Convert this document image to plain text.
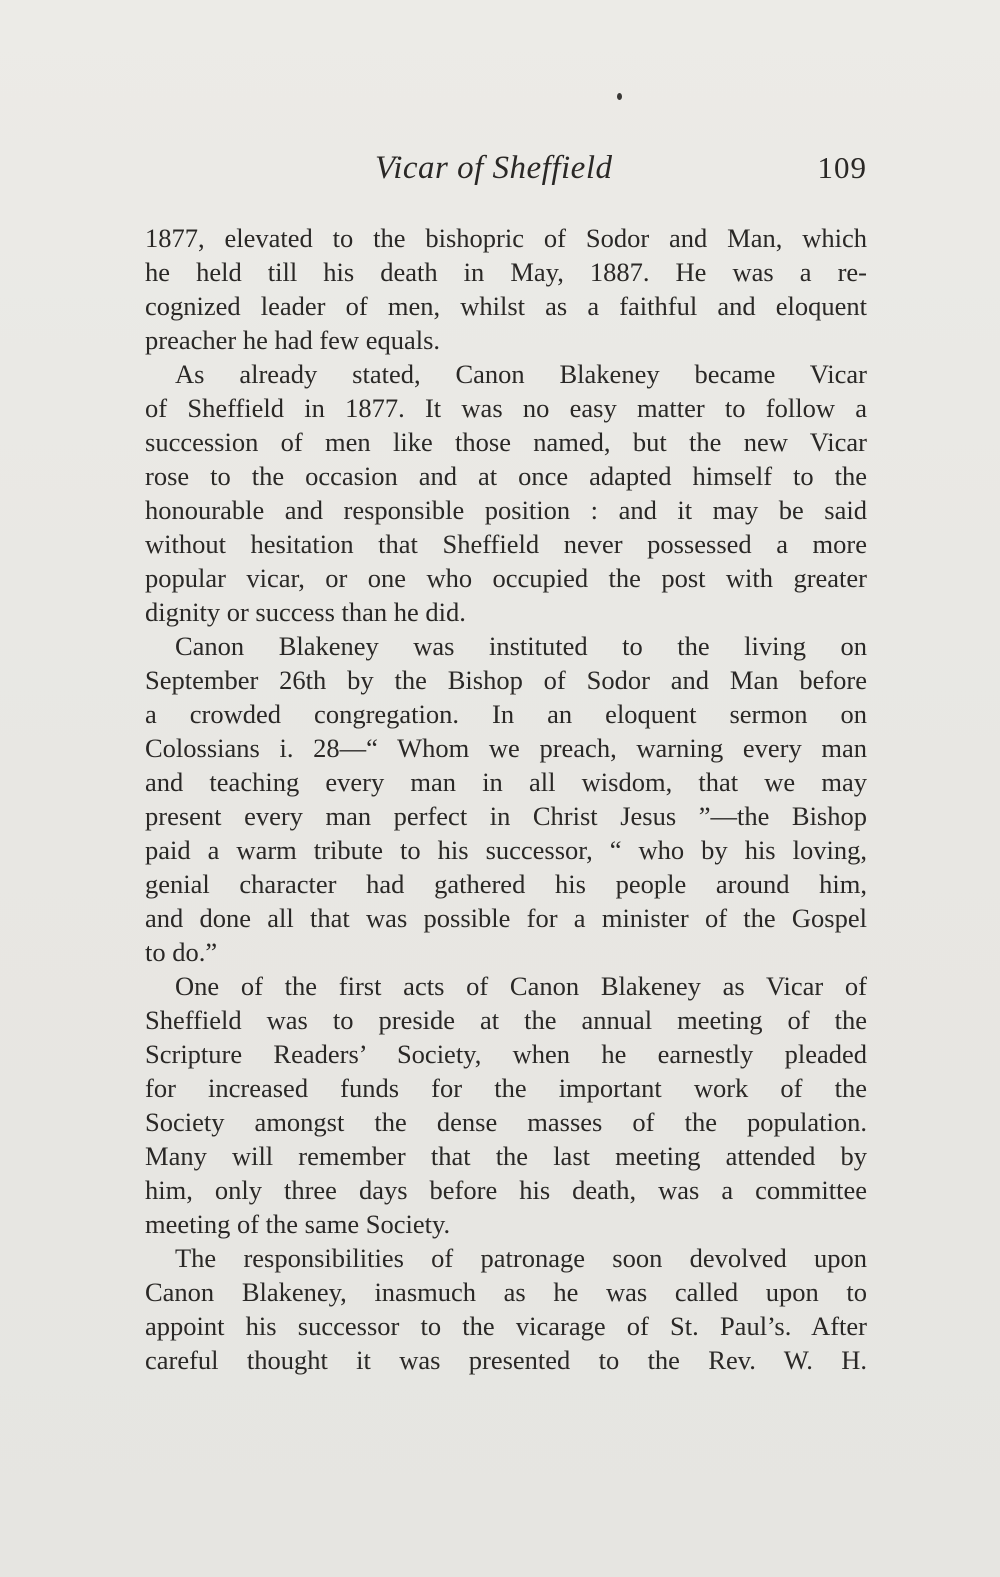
Vicar of Sheffield	109
1877, elevated to the bishopric of Sodor and Man, which
he held till his death in May, 1887. He was a re-
cognized leader of men, whilst as a faithful and eloquent
preacher he had few equals.
As already stated, Canon Blakeney became Vicar
of Sheffield in 1877. It was no easy matter to follow a
succession of men like those named, but the new Vicar
rose to the occasion and at once adapted himself to the
honourable and responsible position : and it may be said
without hesitation that Sheffield never possessed a more
popular vicar, or one who occupied the post with greater
dignity or success than he did.
Canon Blakeney was instituted to the living on
September 26th by the Bishop of Sodor and Man before
a crowded congregation. In an eloquent sermon on
Colossians i. 28—“ Whom we preach, warning every man
and teaching every man in all wisdom, that we may
present every man perfect in Christ Jesus ”—the Bishop
paid a warm tribute to his successor, “ who by his loving,
genial character had gathered his people around him,
and done all that was possible for a minister of the Gospel
to do.”
One of the first acts of Canon Blakeney as Vicar of
Sheffield was to preside at the annual meeting of the
Scripture Readers’ Society, when he earnestly pleaded
for increased funds for the important work of the
Society amongst the dense masses of the population.
Many will remember that the last meeting attended by
him, only three days before his death, was a committee
meeting of the same Society.
The responsibilities of patronage soon devolved upon
Canon Blakeney, inasmuch as he was called upon to
appoint his successor to the vicarage of St. Paul’s. After
careful thought it was presented to the Rev. W. H.
